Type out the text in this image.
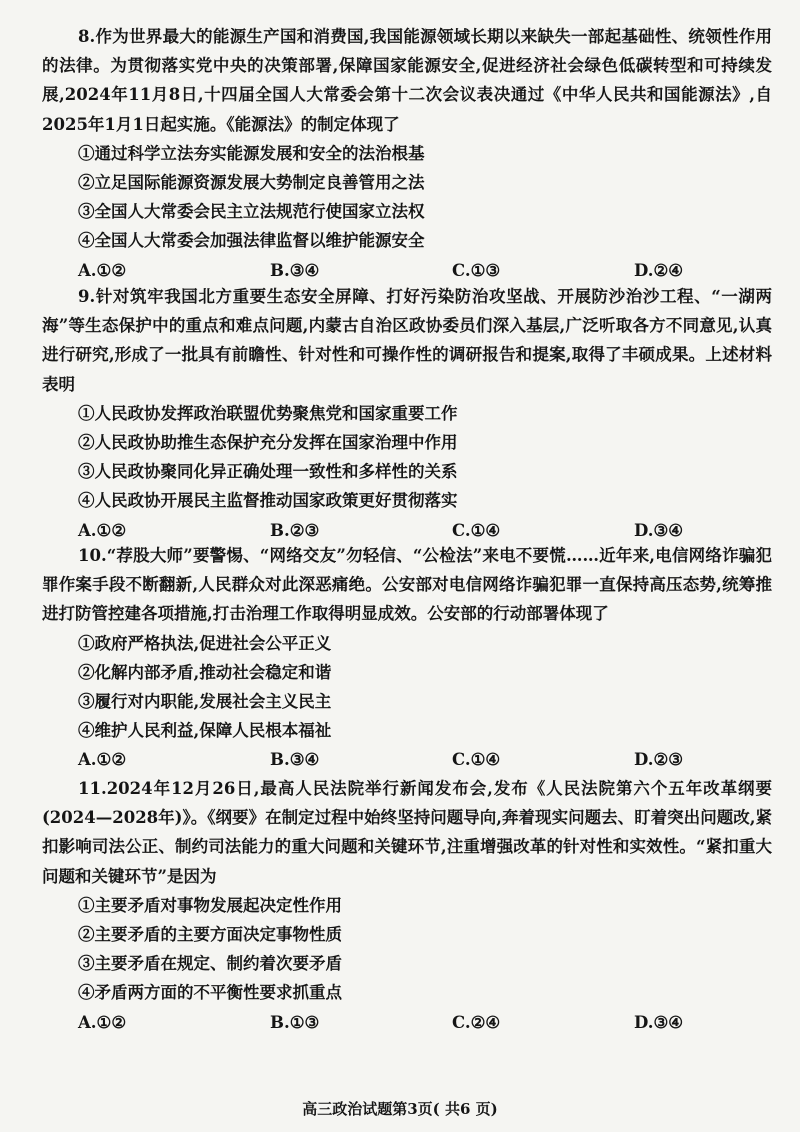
8.作为世界最大的能源生产国和消费国,我国能源领域长期以来缺失一部起基础性、统领性作用的法律。为贯彻落实党中央的决策部署,保障国家能源安全,促进经济社会绿色低碳转型和可持续发展,2024年11月8日,十四届全国人大常委会第十二次会议表决通过《中华人民共和国能源法》,自2025年1月1日起实施。《能源法》的制定体现了

①通过科学立法夯实能源发展和安全的法治根基

②立足国际能源资源发展大势制定良善管用之法

③全国人大常委会民主立法规范行使国家立法权

④全国人大常委会加强法律监督以维护能源安全

A.①②	B.③④	C.①③	D.②④

9.针对筑牢我国北方重要生态安全屏障、打好污染防治攻坚战、开展防沙治沙工程、“一湖两海”等生态保护中的重点和难点问题,内蒙古自治区政协委员们深入基层,广泛听取各方不同意见,认真进行研究,形成了一批具有前瞻性、针对性和可操作性的调研报告和提案,取得了丰硕成果。上述材料表明

①人民政协发挥政治联盟优势聚焦党和国家重要工作

②人民政协助推生态保护充分发挥在国家治理中作用

③人民政协聚同化异正确处理一致性和多样性的关系

④人民政协开展民主监督推动国家政策更好贯彻落实

A.①②	B.②③	C.①④	D.③④

10.“荐股大师”要警惕、“网络交友”勿轻信、“公检法”来电不要慌……近年来,电信网络诈骗犯罪作案手段不断翻新,人民群众对此深恶痛绝。公安部对电信网络诈骗犯罪一直保持高压态势,统筹推进打防管控建各项措施,打击治理工作取得明显成效。公安部的行动部署体现了

①政府严格执法,促进社会公平正义

②化解内部矛盾,推动社会稳定和谐

③履行对内职能,发展社会主义民主

④维护人民利益,保障人民根本福祉

A.①②	B.③④	C.①④	D.②③

11.2024年12月26日,最高人民法院举行新闻发布会,发布《人民法院第六个五年改革纲要(2024—2028年)》。《纲要》在制定过程中始终坚持问题导向,奔着现实问题去、盯着突出问题改,紧扣影响司法公正、制约司法能力的重大问题和关键环节,注重增强改革的针对性和实效性。“紧扣重大问题和关键环节”是因为

①主要矛盾对事物发展起决定性作用

②主要矛盾的主要方面决定事物性质

③主要矛盾在规定、制约着次要矛盾

④矛盾两方面的不平衡性要求抓重点

A.①②	B.①③	C.②④	D.③④
高三政治试题第3页( 共6 页)
